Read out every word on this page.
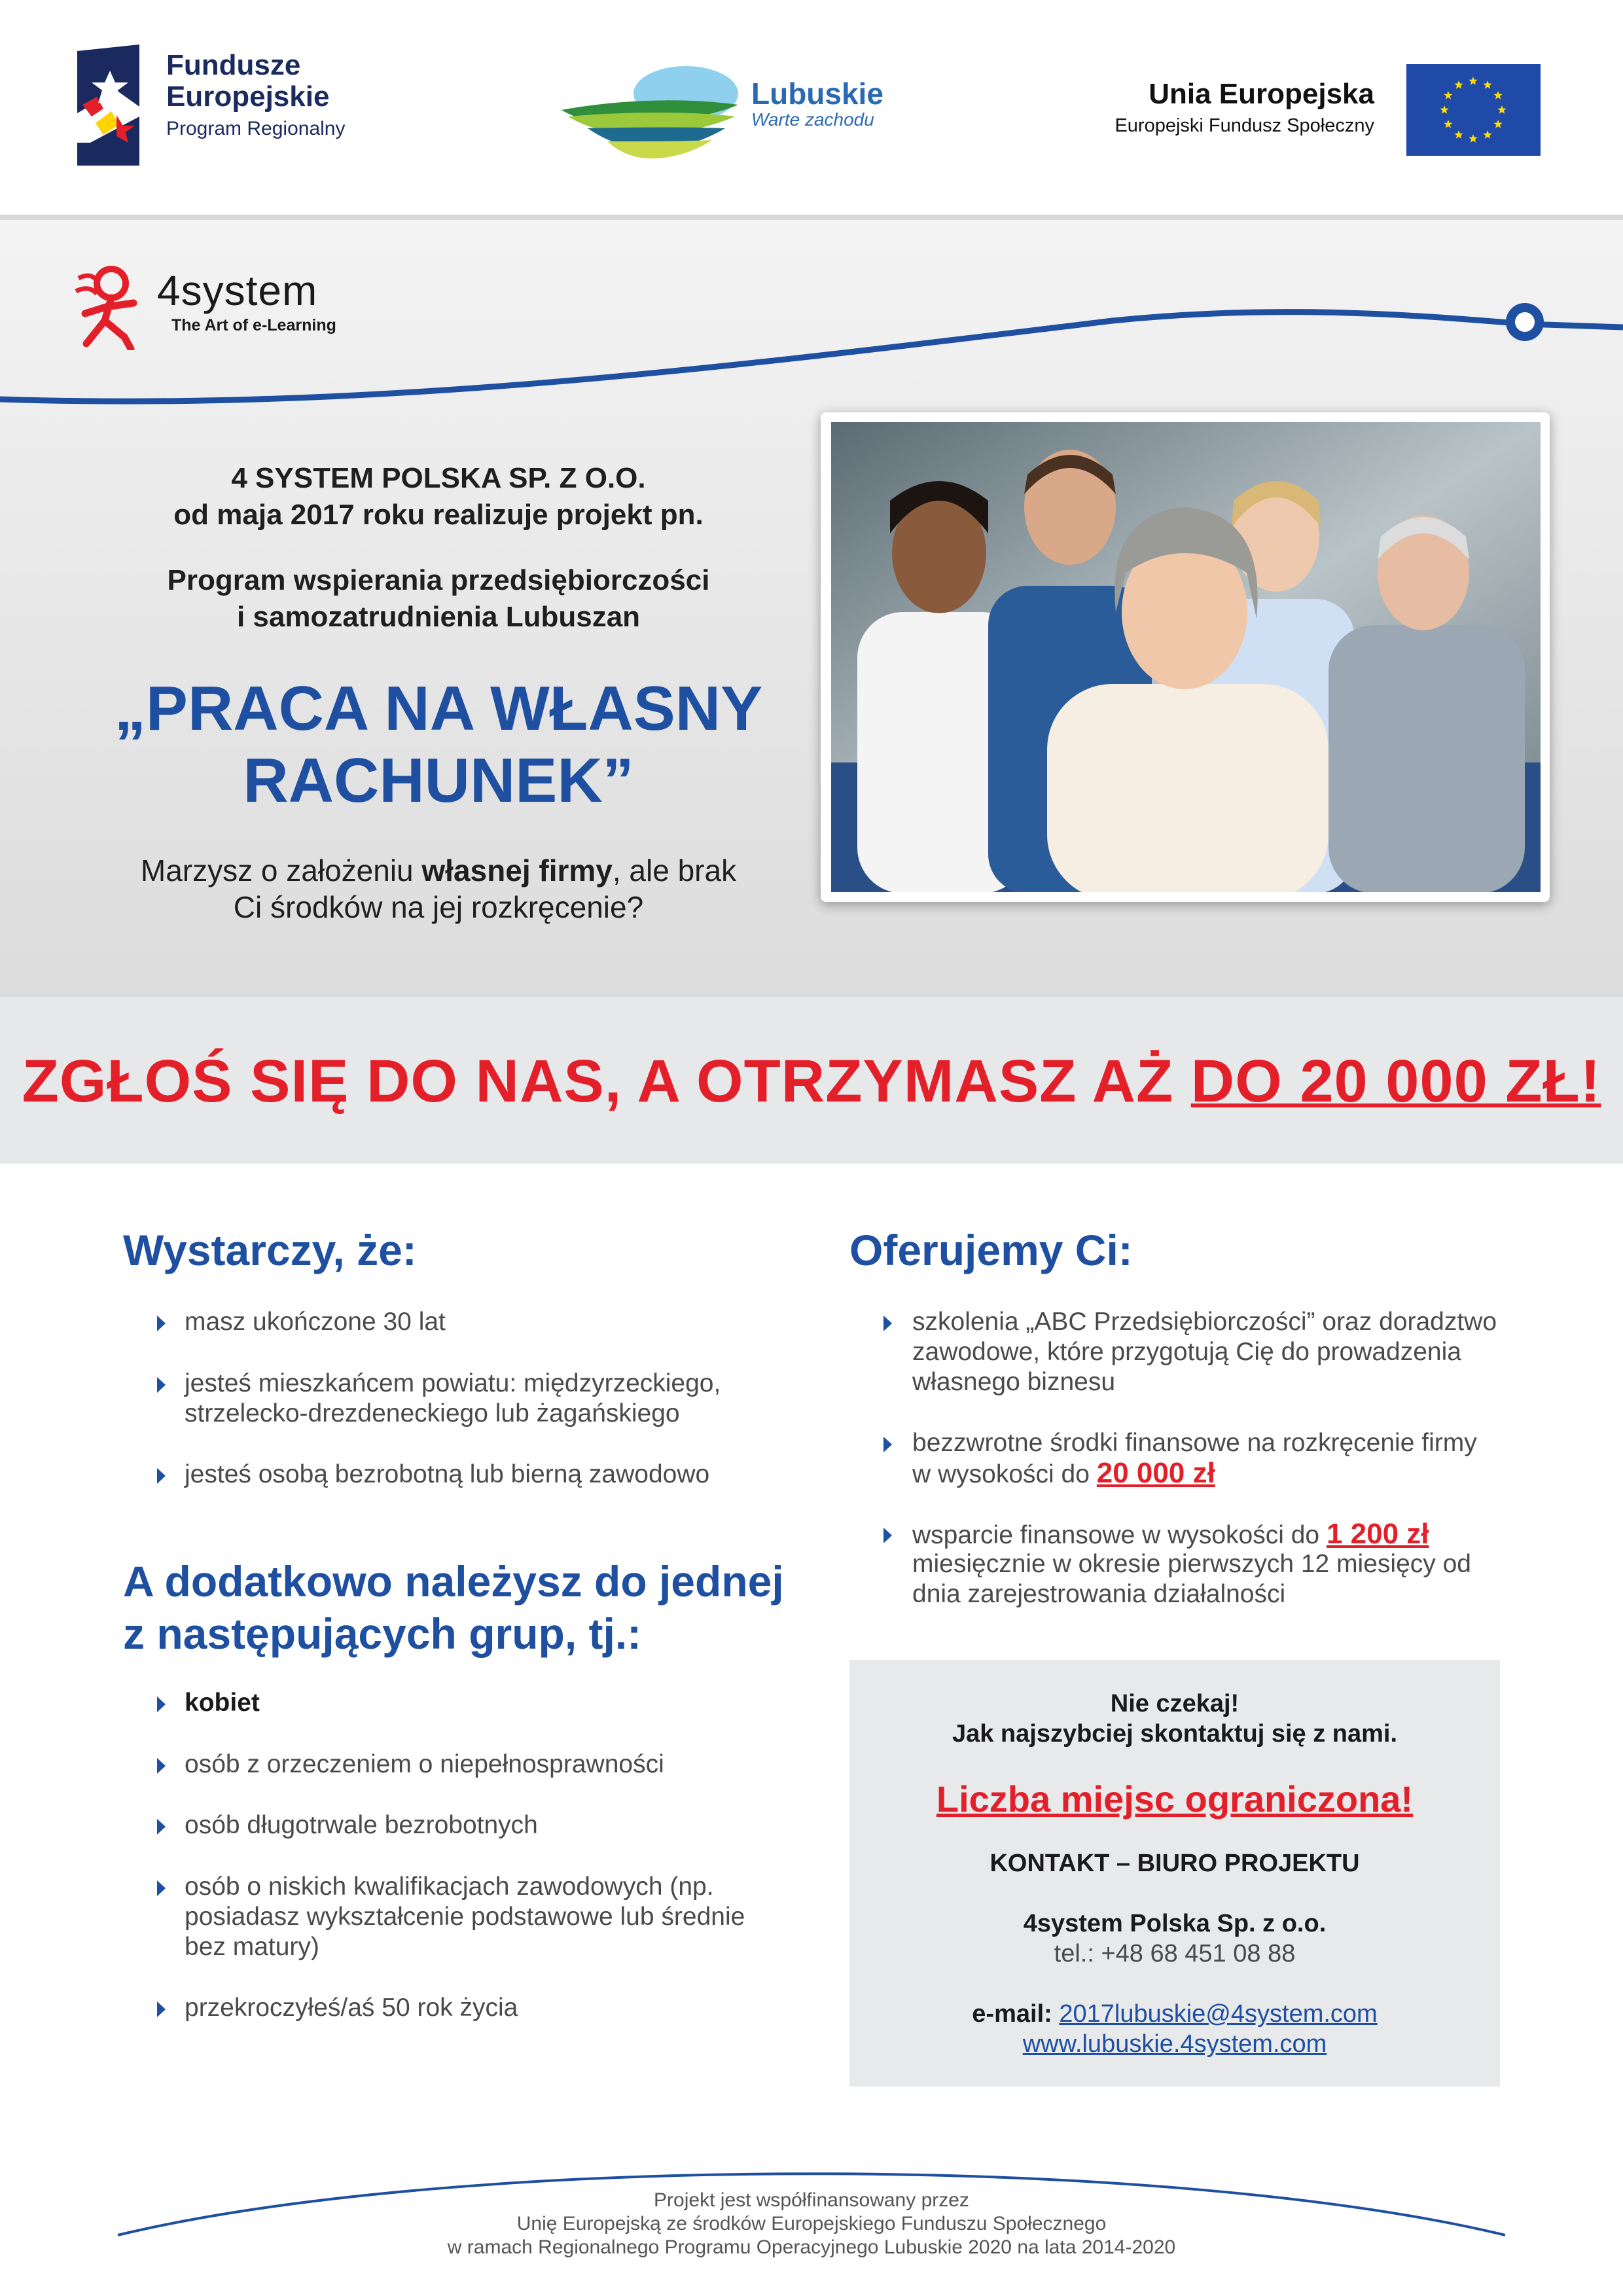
Fundusze
Europejskie
Program Regionalny
Lubuskie
Warte zachodu
Unia Europejska
Europejski Fundusz Społeczny
4system
The Art of e-Learning
4 SYSTEM POLSKA SP. Z O.O.
od maja 2017 roku realizuje projekt pn.
Program wspierania przedsiębiorczości
i samozatrudnienia Lubuszan
„PRACA NA WŁASNY
RACHUNEK”
Marzysz o założeniu własnej firmy, ale brak
Ci środków na jej rozkręcenie?
ZGŁOŚ SIĘ DO NAS, A OTRZYMASZ AŻ DO 20 000 ZŁ!
Wystarczy, że:
masz ukończone 30 lat
jesteś mieszkańcem powiatu: międzyrzeckiego,
strzelecko-drezdeneckiego lub żagańskiego
jesteś osobą bezrobotną lub bierną zawodowo
A dodatkowo należysz do jednej
z następujących grup, tj.:
kobiet
osób z orzeczeniem o niepełnosprawności
osób długotrwale bezrobotnych
osób o niskich kwalifikacjach zawodowych (np.
posiadasz wykształcenie podstawowe lub średnie
bez matury)
przekroczyłeś/aś 50 rok życia
Oferujemy Ci:
szkolenia „ABC Przedsiębiorczości” oraz doradztwo
zawodowe, które przygotują Cię do prowadzenia
własnego biznesu
bezzwrotne środki finansowe na rozkręcenie firmy
w wysokości do 20 000 zł
wsparcie finansowe w wysokości do 1 200 zł
miesięcznie w okresie pierwszych 12 miesięcy od
dnia zarejestrowania działalności
Nie czekaj!
Jak najszybciej skontaktuj się z nami.
Liczba miejsc ograniczona!
KONTAKT – BIURO PROJEKTU
4system Polska Sp. z o.o.
tel.: +48 68 451 08 88
e-mail: 2017lubuskie@4system.com
www.lubuskie.4system.com
Projekt jest współfinansowany przez
Unię Europejską ze środków Europejskiego Funduszu Społecznego
w ramach Regionalnego Programu Operacyjnego Lubuskie 2020 na lata 2014-2020
